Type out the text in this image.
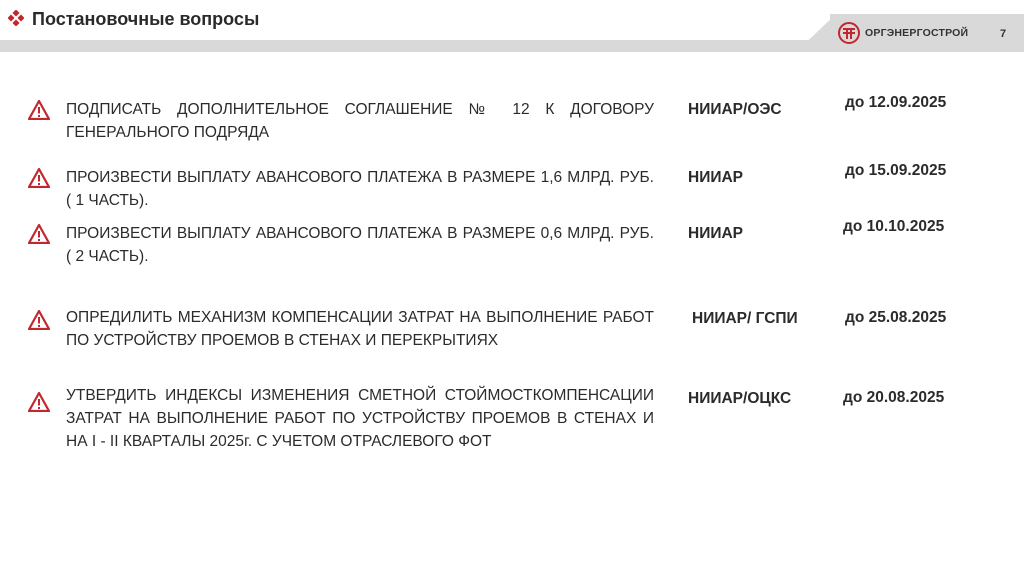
Постановочные вопросы
ОРГЭНЕРГОСТРОЙ	7
ПОДПИСАТЬ ДОПОЛНИТЕЛЬНОЕ СОГЛАШЕНИЕ № 12 К ДОГОВОРУ ГЕНЕРАЛЬНОГО ПОДРЯДА
НИИАР/ОЭС	до 12.09.2025
ПРОИЗВЕСТИ ВЫПЛАТУ АВАНСОВОГО ПЛАТЕЖА В РАЗМЕРЕ 1,6 МЛРД. РУБ. ( 1 ЧАСТЬ).
НИИАР	до 15.09.2025
ПРОИЗВЕСТИ ВЫПЛАТУ АВАНСОВОГО ПЛАТЕЖА В РАЗМЕРЕ 0,6 МЛРД. РУБ. ( 2 ЧАСТЬ).
НИИАР	до 10.10.2025
ОПРЕДИЛИТЬ МЕХАНИЗМ КОМПЕНСАЦИИ ЗАТРАТ НА ВЫПОЛНЕНИЕ РАБОТ ПО УСТРОЙСТВУ ПРОЕМОВ В СТЕНАХ И ПЕРЕКРЫТИЯХ
НИИАР/ ГСПИ	до 25.08.2025
УТВЕРДИТЬ ИНДЕКСЫ ИЗМЕНЕНИЯ СМЕТНОЙ СТОЙМОСТКОМПЕНСАЦИИ ЗАТРАТ НА ВЫПОЛНЕНИЕ РАБОТ ПО УСТРОЙСТВУ ПРОЕМОВ В СТЕНАХ И НА I - II КВАРТАЛЫ 2025г. С УЧЕТОМ ОТРАСЛЕВОГО ФОТ
НИИАР/ОЦКС	до 20.08.2025
